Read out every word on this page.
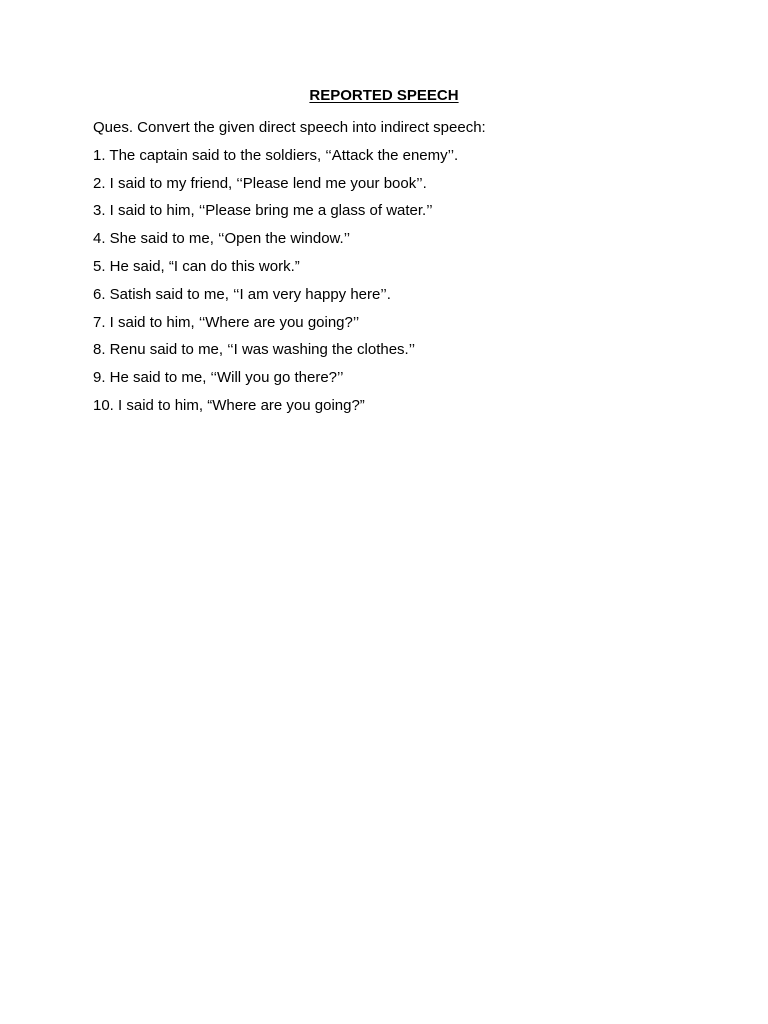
REPORTED SPEECH
Ques. Convert the given direct speech into indirect speech:
1. The captain said to the soldiers, ‘‘Attack the enemy’’.
2. I said to my friend, ‘‘Please lend me your book’’.
3. I said to him, ‘‘Please bring me a glass of water.’’
4. She said to me, ‘‘Open the window.’’
5. He said, “I can do this work.”
6. Satish said to me, ‘‘I am very happy here’’.
7. I said to him, ‘‘Where are you going?’’
8. Renu said to me, ‘‘I was washing the clothes.’’
9. He said to me, ‘‘Will you go there?’’
10. I said to him, “Where are you going?”
